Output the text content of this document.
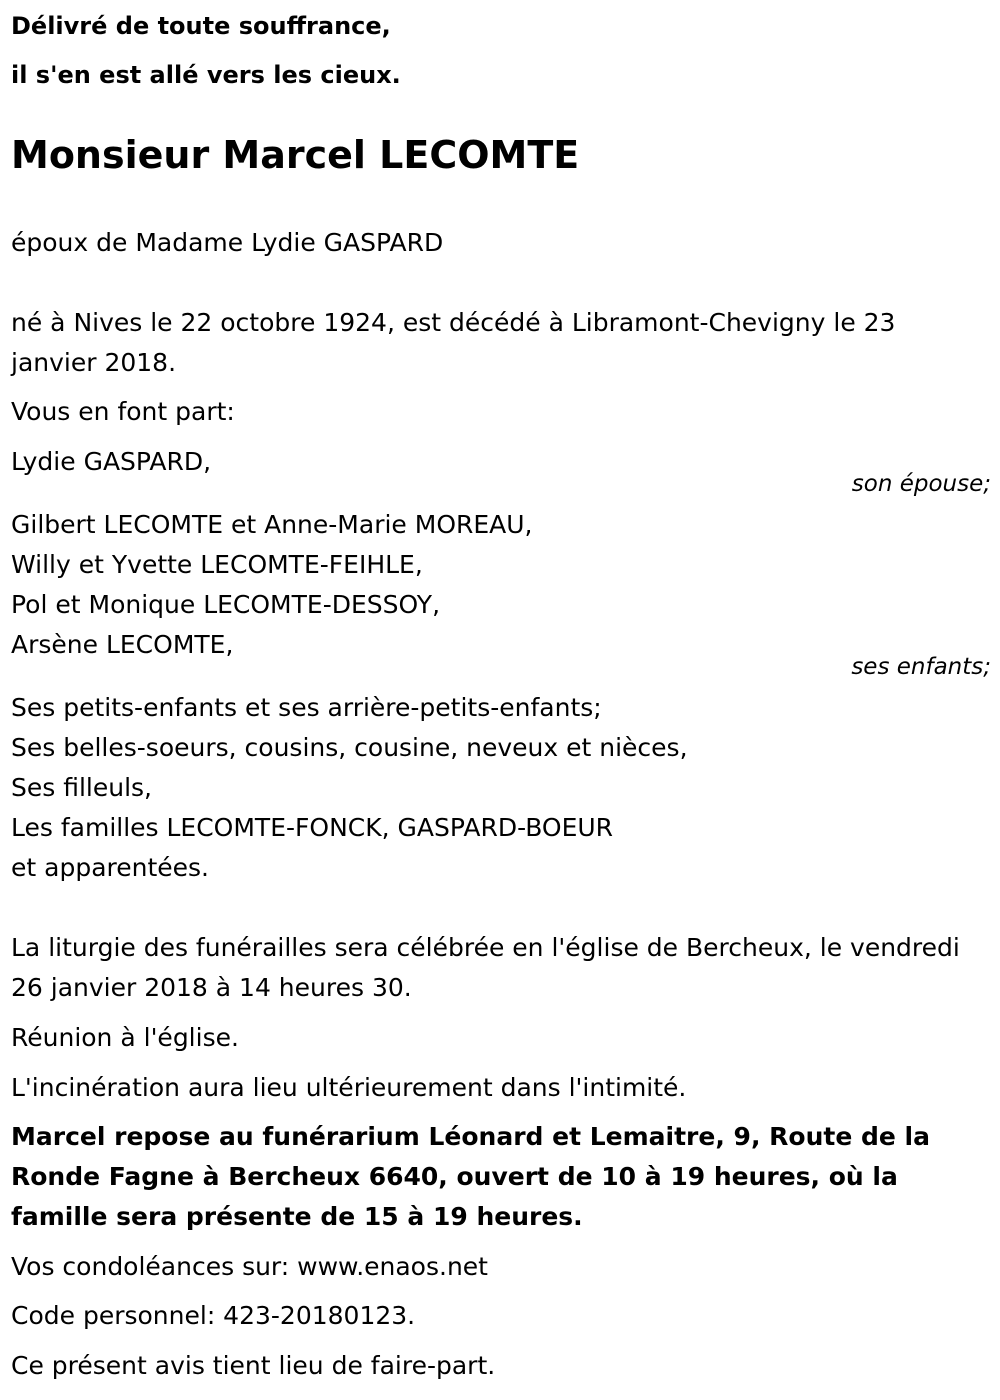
Délivré de toute souffrance,

il s'en est allé vers les cieux.

Monsieur Marcel LECOMTE

époux de Madame Lydie GASPARD

né à Nives le 22 octobre 1924, est décédé à Libramont-Chevigny le 23 janvier 2018.

Vous en font part:

Lydie GASPARD,

son épouse;

Gilbert LECOMTE et Anne-Marie MOREAU,

Willy et Yvette LECOMTE-FEIHLE,

Pol et Monique LECOMTE-DESSOY,

Arsène LECOMTE,

ses enfants;

Ses petits-enfants et ses arrière-petits-enfants;

Ses belles-soeurs, cousins, cousine, neveux et nièces,

Ses filleuls,

Les familles LECOMTE-FONCK, GASPARD-BOEUR

et apparentées.

La liturgie des funérailles sera célébrée en l'église de Bercheux, le vendredi 26 janvier 2018 à 14 heures 30.

Réunion à l'église.

L'incinération aura lieu ultérieurement dans l'intimité.

Marcel repose au funérarium Léonard et Lemaitre, 9, Route de la Ronde Fagne à Bercheux 6640, ouvert de 10 à 19 heures, où la famille sera présente de 15 à 19 heures.

Vos condoléances sur: www.enaos.net

Code personnel: 423-20180123.

Ce présent avis tient lieu de faire-part.
